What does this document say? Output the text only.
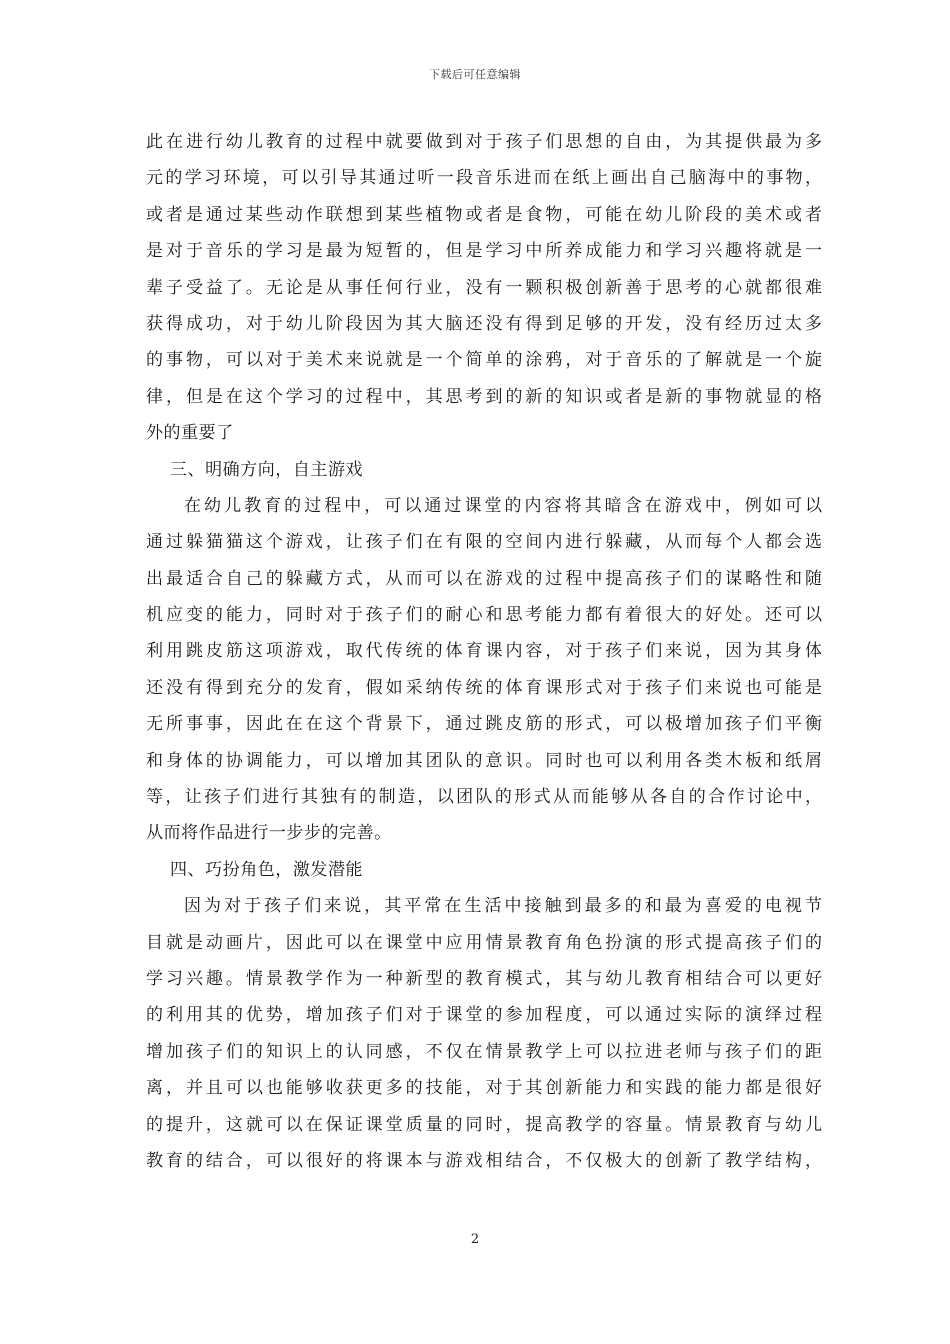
下载后可任意编辑
此在进行幼儿教育的过程中就要做到对于孩子们思想的自由，为其提供最为多
元的学习环境，可以引导其通过听一段音乐进而在纸上画出自己脑海中的事物，
或者是通过某些动作联想到某些植物或者是食物，可能在幼儿阶段的美术或者
是对于音乐的学习是最为短暂的，但是学习中所养成能力和学习兴趣将就是一
辈子受益了。无论是从事任何行业，没有一颗积极创新善于思考的心就都很难
获得成功，对于幼儿阶段因为其大脑还没有得到足够的开发，没有经历过太多
的事物，可以对于美术来说就是一个简单的涂鸦，对于音乐的了解就是一个旋
律，但是在这个学习的过程中，其思考到的新的知识或者是新的事物就显的格
外的重要了
三、明确方向，自主游戏
在幼儿教育的过程中，可以通过课堂的内容将其暗含在游戏中，例如可以
通过躲猫猫这个游戏，让孩子们在有限的空间内进行躲藏，从而每个人都会选
出最适合自己的躲藏方式，从而可以在游戏的过程中提高孩子们的谋略性和随
机应变的能力，同时对于孩子们的耐心和思考能力都有着很大的好处。还可以
利用跳皮筋这项游戏，取代传统的体育课内容，对于孩子们来说，因为其身体
还没有得到充分的发育，假如采纳传统的体育课形式对于孩子们来说也可能是
无所事事，因此在在这个背景下，通过跳皮筋的形式，可以极增加孩子们平衡
和身体的协调能力，可以增加其团队的意识。同时也可以利用各类木板和纸屑
等，让孩子们进行其独有的制造，以团队的形式从而能够从各自的合作讨论中，
从而将作品进行一步步的完善。
四、巧扮角色，激发潜能
因为对于孩子们来说，其平常在生活中接触到最多的和最为喜爱的电视节
目就是动画片，因此可以在课堂中应用情景教育角色扮演的形式提高孩子们的
学习兴趣。情景教学作为一种新型的教育模式，其与幼儿教育相结合可以更好
的利用其的优势，增加孩子们对于课堂的参加程度，可以通过实际的演绎过程
增加孩子们的知识上的认同感，不仅在情景教学上可以拉进老师与孩子们的距
离，并且可以也能够收获更多的技能，对于其创新能力和实践的能力都是很好
的提升，这就可以在保证课堂质量的同时，提高教学的容量。情景教育与幼儿
教育的结合，可以很好的将课本与游戏相结合，不仅极大的创新了教学结构，
2
